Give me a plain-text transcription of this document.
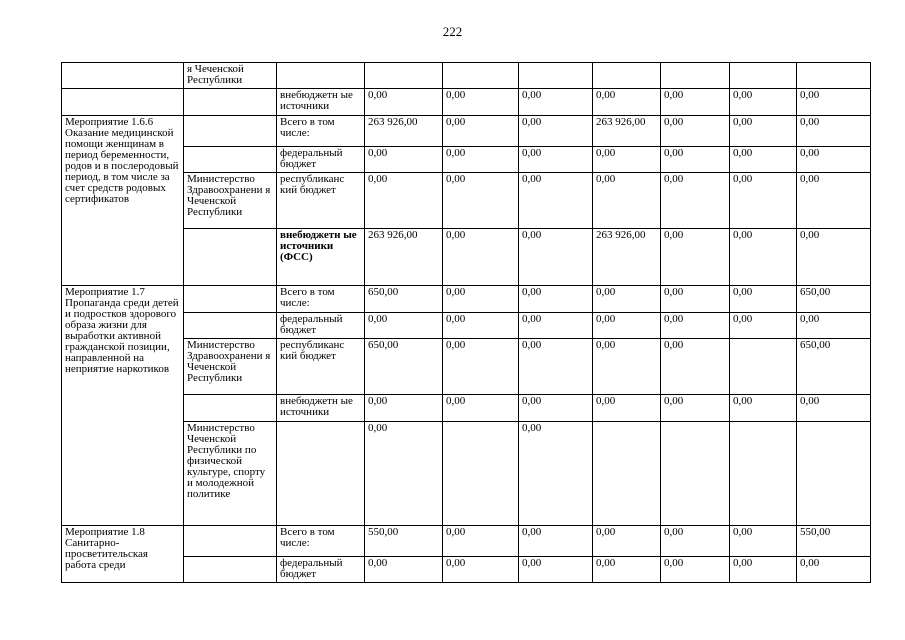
222
	я Чеченской Республики								
		внебюджетн ые источники	0,00	0,00	0,00	0,00	0,00	0,00	0,00
Мероприятие 1.6.6 Оказание медицинской помощи женщинам в период беременности, родов и в послеродовый период, в том числе за счет средств родовых сертификатов		Всего в том числе:	263 926,00	0,00	0,00	263 926,00	0,00	0,00	0,00
		федеральный бюджет	0,00	0,00	0,00	0,00	0,00	0,00	0,00
	Министерство Здравоохранени я Чеченской Республики	республиканс кий бюджет	0,00	0,00	0,00	0,00	0,00	0,00	0,00
		внебюджетн ые источники (ФСС)	263 926,00	0,00	0,00	263 926,00	0,00	0,00	0,00
Мероприятие 1.7 Пропаганда среди детей и подростков здорового образа жизни для выработки активной гражданской позиции, направленной на неприятие наркотиков		Всего в том числе:	650,00	0,00	0,00	0,00	0,00	0,00	650,00
		федеральный бюджет	0,00	0,00	0,00	0,00	0,00	0,00	0,00
	Министерство Здравоохранени я Чеченской Республики	республиканс кий бюджет	650,00	0,00	0,00	0,00	0,00		650,00
		внебюджетн ые источники	0,00	0,00	0,00	0,00	0,00	0,00	0,00
	Министерство Чеченской Республики по физической культуре, спорту и молодежной политике		0,00		0,00				
Мероприятие 1.8 Санитарно-просветительская работа среди		Всего в том числе:	550,00	0,00	0,00	0,00	0,00	0,00	550,00
		федеральный бюджет	0,00	0,00	0,00	0,00	0,00	0,00	0,00
